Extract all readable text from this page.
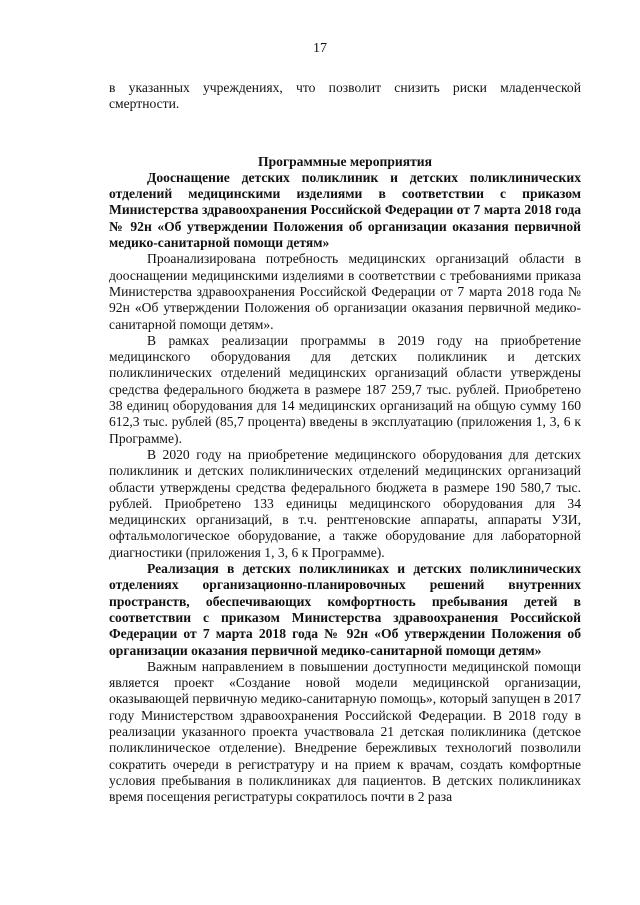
17

в указанных учреждениях, что позволит снизить риски младенческой смертности.

Программные мероприятия

Дооснащение детских поликлиник и детских поликлинических отделений медицинскими изделиями в соответствии с приказом Министерства здравоохранения Российской Федерации от 7 марта 2018 года № 92н «Об утверждении Положения об организации оказания первичной медико-санитарной помощи детям»

Проанализирована потребность медицинских организаций области в дооснащении медицинскими изделиями в соответствии с требованиями приказа Министерства здравоохранения Российской Федерации от 7 марта 2018 года № 92н «Об утверждении Положения об организации оказания первичной медико-санитарной помощи детям».

В рамках реализации программы в 2019 году на приобретение медицинского оборудования для детских поликлиник и детских поликлинических отделений медицинских организаций области утверждены средства федерального бюджета в размере 187 259,7 тыс. рублей. Приобретено 38 единиц оборудования для 14 медицинских организаций на общую сумму 160 612,3 тыс. рублей (85,7 процента) введены в эксплуатацию (приложения 1, 3, 6 к Программе).

В 2020 году на приобретение медицинского оборудования для детских поликлиник и детских поликлинических отделений медицинских организаций области утверждены средства федерального бюджета в размере 190 580,7 тыс. рублей. Приобретено 133 единицы медицинского оборудования для 34 медицинских организаций, в т.ч. рентгеновские аппараты, аппараты УЗИ, офтальмологическое оборудование, а также оборудование для лабораторной диагностики (приложения 1, 3, 6 к Программе).

Реализация в детских поликлиниках и детских поликлинических отделениях организационно-планировочных решений внутренних пространств, обеспечивающих комфортность пребывания детей в соответствии с приказом Министерства здравоохранения Российской Федерации от 7 марта 2018 года № 92н «Об утверждении Положения об организации оказания первичной медико-санитарной помощи детям»

Важным направлением в повышении доступности медицинской помощи является проект «Создание новой модели медицинской организации, оказывающей первичную медико-санитарную помощь», который запущен в 2017 году Министерством здравоохранения Российской Федерации. В 2018 году в реализации указанного проекта участвовала 21 детская поликлиника (детское поликлиническое отделение). Внедрение бережливых технологий позволили сократить очереди в регистратуру и на прием к врачам, создать комфортные условия пребывания в поликлиниках для пациентов. В детских поликлиниках время посещения регистратуры сократилось почти в 2 раза
